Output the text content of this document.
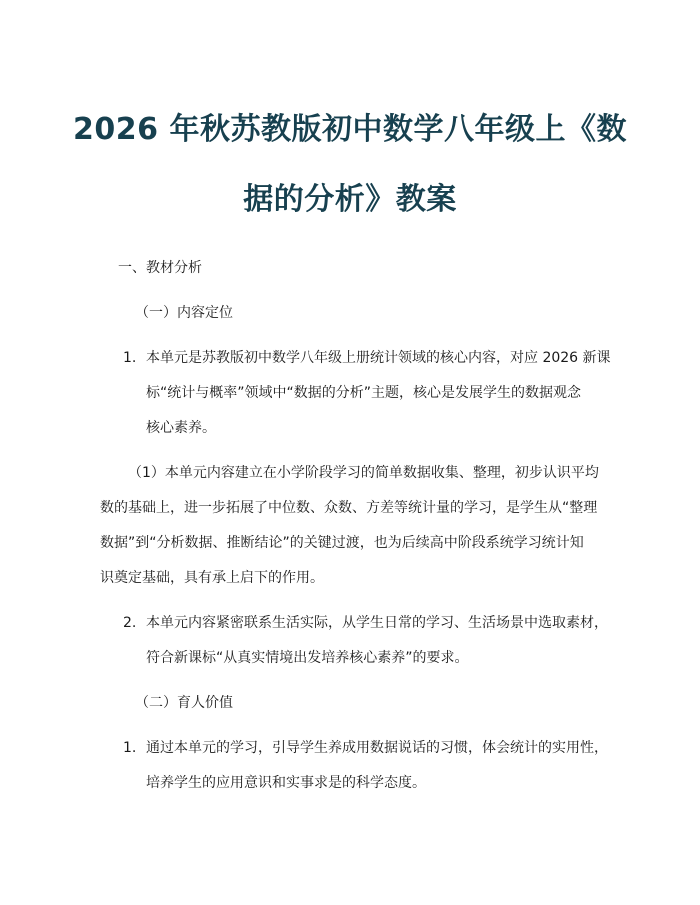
2026 年秋苏教版初中数学八年级上《数
据的分析》教案
一、教材分析
（一）内容定位
1. 本单元是苏教版初中数学八年级上册统计领域的核心内容，对应 2026 新课
标“统计与概率”领域中“数据的分析”主题，核心是发展学生的数据观念
核心素养。
（1）本单元内容建立在小学阶段学习的简单数据收集、整理，初步认识平均
数的基础上，进一步拓展了中位数、众数、方差等统计量的学习，是学生从“整理
数据”到“分析数据、推断结论”的关键过渡，也为后续高中阶段系统学习统计知
识奠定基础，具有承上启下的作用。
2. 本单元内容紧密联系生活实际，从学生日常的学习、生活场景中选取素材，
符合新课标“从真实情境出发培养核心素养”的要求。
（二）育人价值
1. 通过本单元的学习，引导学生养成用数据说话的习惯，体会统计的实用性，
培养学生的应用意识和实事求是的科学态度。
